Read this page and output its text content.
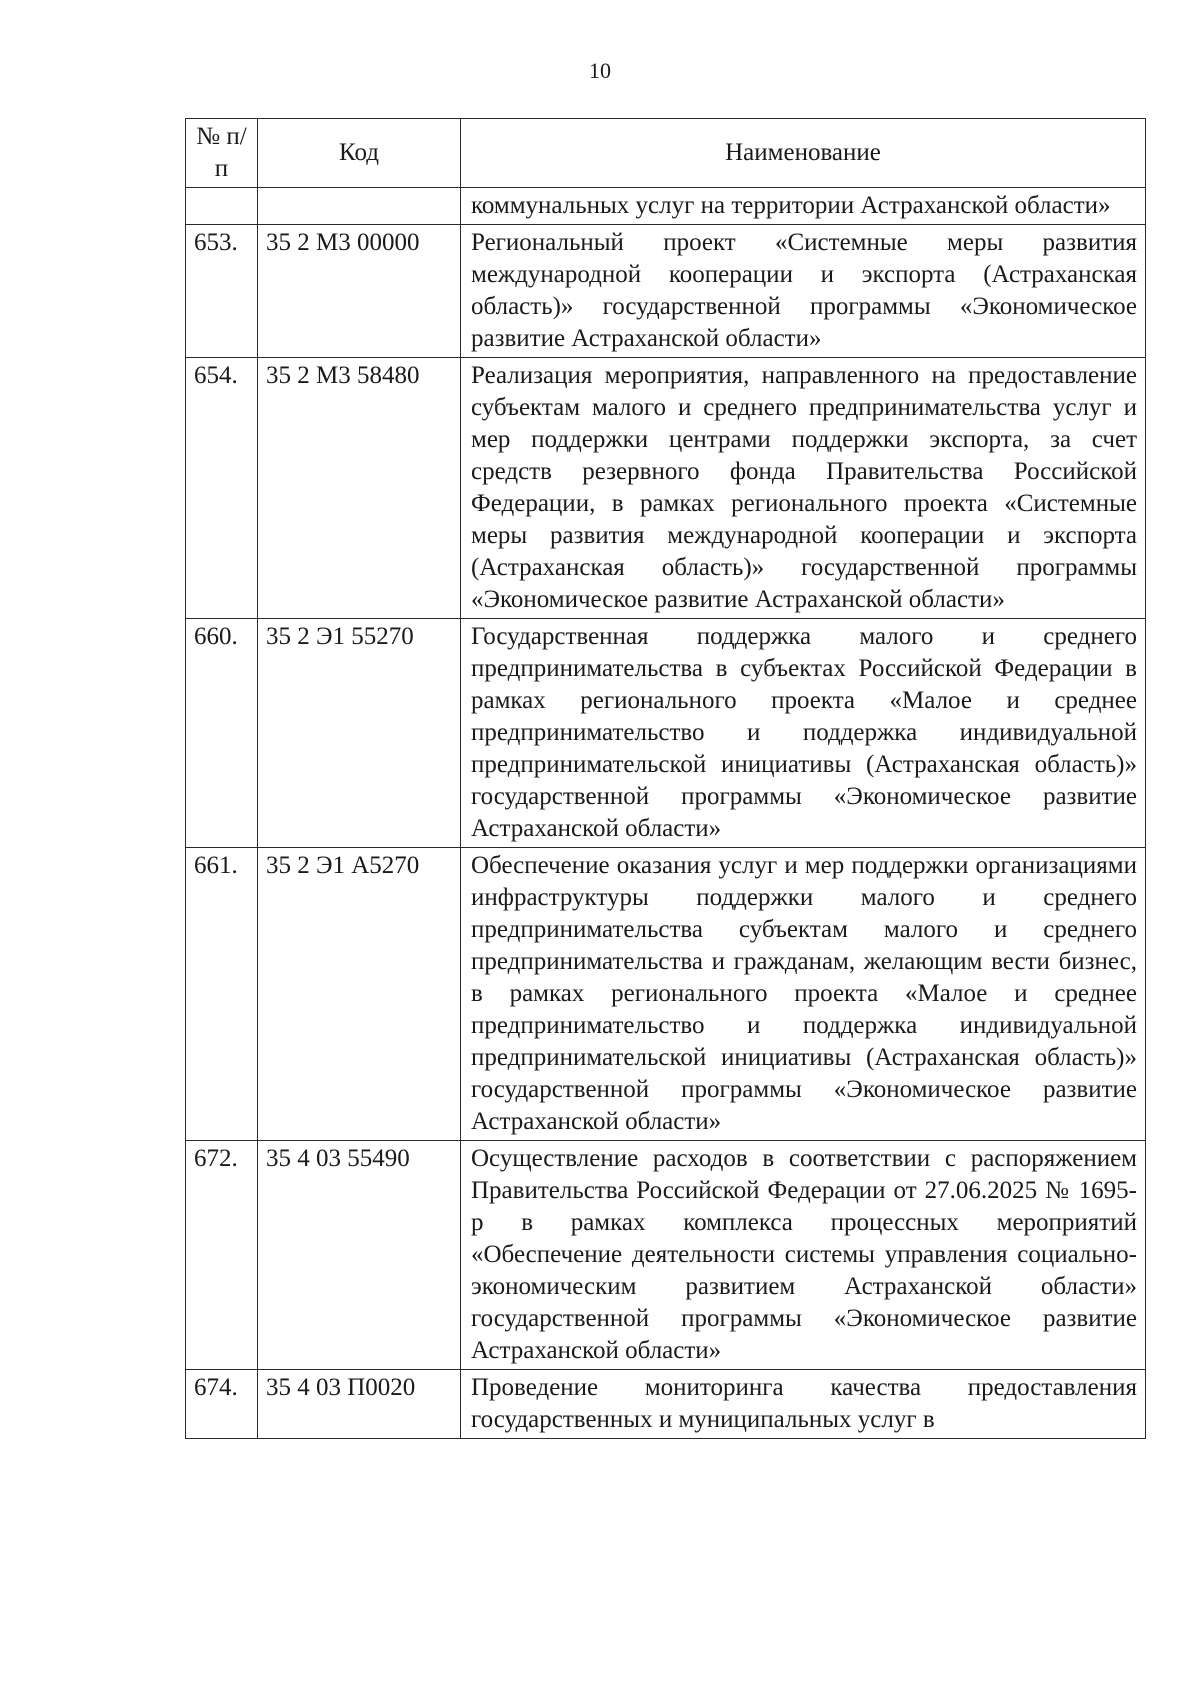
10
№ п/п	Код	Наименование
		коммунальных услуг на территории Астраханской области»
653.	35 2 М3 00000	Региональный проект «Системные меры развития международной кооперации и экспорта (Астраханская область)» государственной программы «Экономическое развитие Астраханской области»
654.	35 2 М3 58480	Реализация мероприятия, направленного на предоставление субъектам малого и среднего предпринимательства услуг и мер поддержки центрами поддержки экспорта, за счет средств резервного фонда Правительства Российской Федерации, в рамках регионального проекта «Системные меры развития международной кооперации и экспорта (Астраханская область)» государственной программы «Экономическое развитие Астраханской области»
660.	35 2 Э1 55270	Государственная поддержка малого и среднего предпринимательства в субъектах Российской Федерации в рамках регионального проекта «Малое и среднее предпринимательство и поддержка индивидуальной предпринимательской инициативы (Астраханская область)» государственной программы «Экономическое развитие Астраханской области»
661.	35 2 Э1 А5270	Обеспечение оказания услуг и мер поддержки организациями инфраструктуры поддержки малого и среднего предпринимательства субъектам малого и среднего предпринимательства и гражданам, желающим вести бизнес, в рамках регионального проекта «Малое и среднее предпринимательство и поддержка индивидуальной предпринимательской инициативы (Астраханская область)» государственной программы «Экономическое развитие Астраханской области»
672.	35 4 03 55490	Осуществление расходов в соответствии с распоряжением Правительства Российской Федерации от 27.06.2025 № 1695-р в рамках комплекса процессных мероприятий «Обеспечение деятельности системы управления социально-экономическим развитием Астраханской области» государственной программы «Экономическое развитие Астраханской области»
674.	35 4 03 П0020	Проведение мониторинга качества предоставления государственных и муниципальных услуг в
